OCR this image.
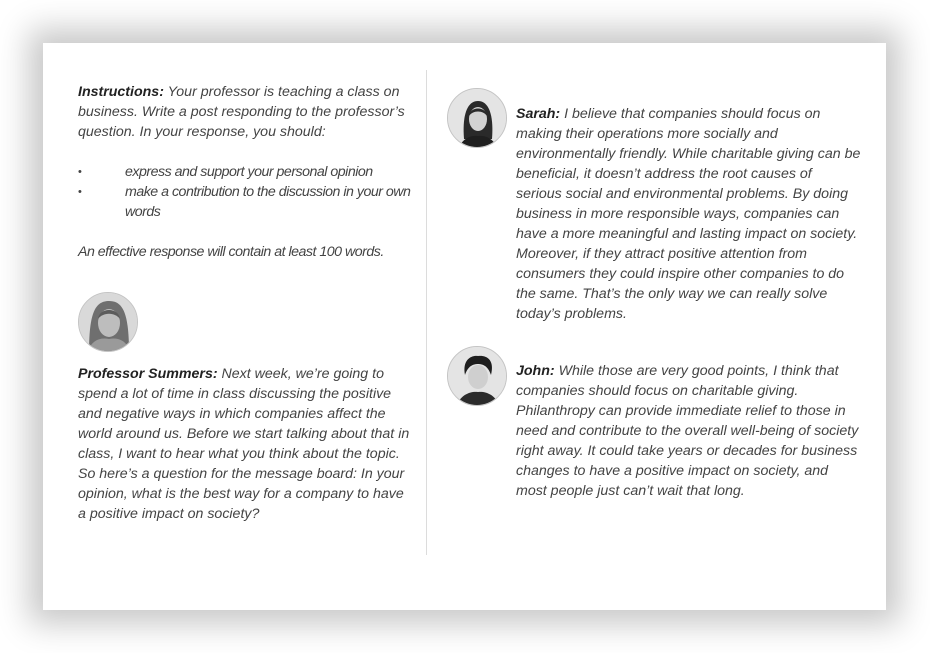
Instructions: Your professor is teaching a class on business. Write a post responding to the professor’s question. In your response, you should:

•	express and support your personal opinion
•	make a contribution to the discussion in your own words

An effective response will contain at least 100 words.

Professor Summers: Next week, we’re going to spend a lot of time in class discussing the positive and negative ways in which companies affect the world around us. Before we start talking about that in class, I want to hear what you think about the topic. So here’s a question for the message board: In your opinion, what is the best way for a company to have a positive impact on society?

Sarah: I believe that companies should focus on making their operations more socially and environmentally friendly. While charitable giving can be beneficial, it doesn’t address the root causes of serious social and environmental problems. By doing business in more responsible ways, companies can have a more meaningful and lasting impact on society. Moreover, if they attract positive attention from consumers they could inspire other companies to do the same. That’s the only way we can really solve today’s problems.

John: While those are very good points, I think that companies should focus on charitable giving. Philanthropy can provide immediate relief to those in need and contribute to the overall well-being of society right away. It could take years or decades for business changes to have a positive impact on society, and most people just can’t wait that long.
